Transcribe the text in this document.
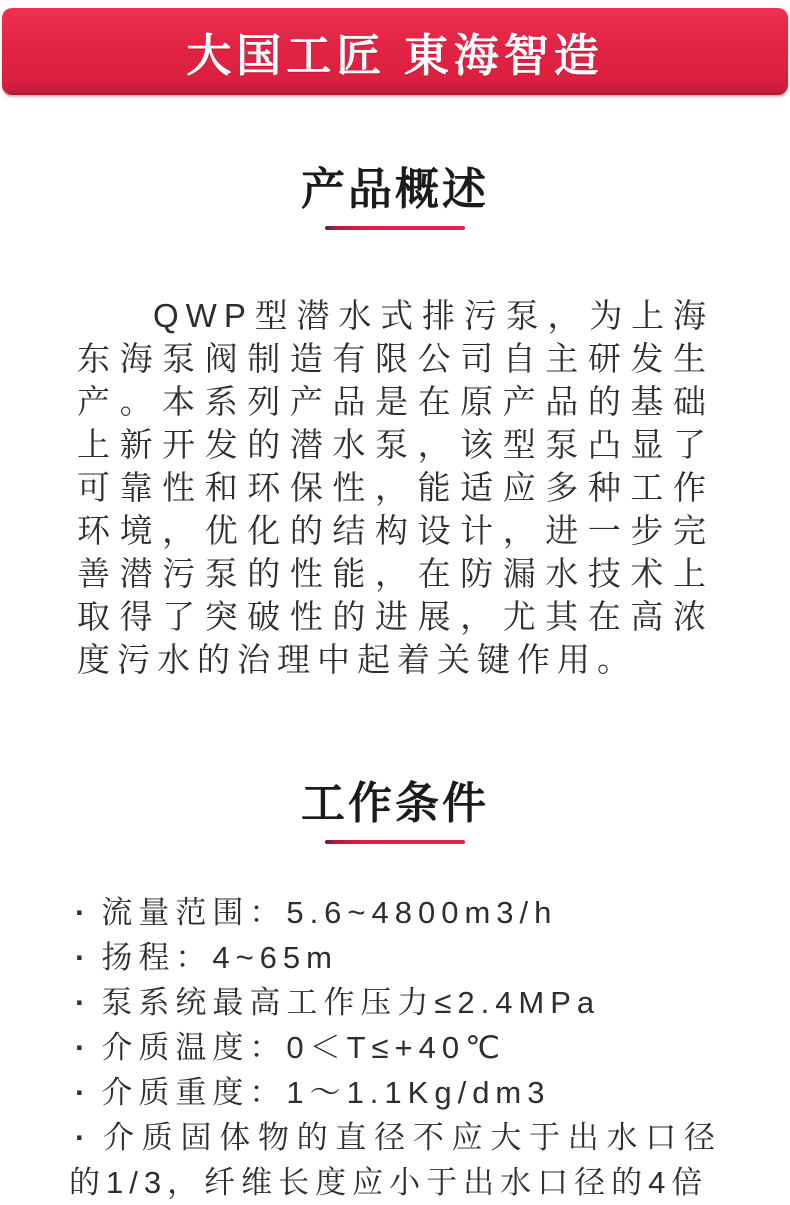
大国工匠 東海智造
产品概述

QWP型潜水式排污泵，为上海东海泵阀制造有限公司自主研发生产。本系列产品是在原产品的基础上新开发的潜水泵，该型泵凸显了可靠性和环保性，能适应多种工作环境，优化的结构设计，进一步完善潜污泵的性能，在防漏水技术上取得了突破性的进展，尤其在高浓度污水的治理中起着关键作用。

工作条件
· 流量范围：5.6~4800m3/h
· 扬程：4~65m
· 泵系统最高工作压力≤2.4MPa
· 介质温度：0＜T≤+40℃
· 介质重度：1～1.1Kg/dm3
· 介质固体物的直径不应大于出水口径的1/3，纤维长度应小于出水口径的4倍
